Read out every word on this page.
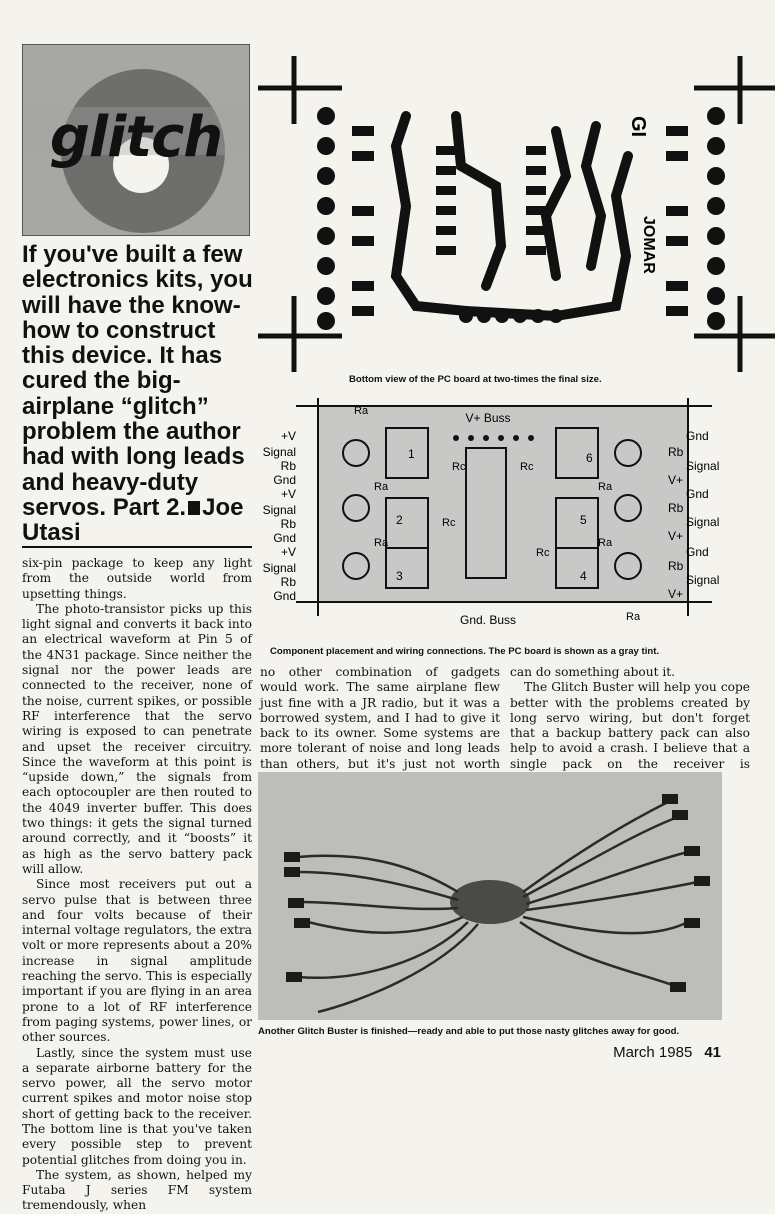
glitch
If you've built a few electronics kits, you will have the know-how to construct this device. It has cured the big-airplane “glitch” problem the author had with long leads and heavy-duty servos. Part 2. Joe Utasi
GI
JOMAR
Bottom view of the PC board at two-times the final size.
V+ Buss
Gnd. Buss
+V
Signal
Rb
Gnd
+V
Signal
Rb
Gnd
+V
Signal
Rb
Gnd
Gnd
Rb
Signal
V+
Gnd
Rb
Signal
V+
Gnd
Rb
Signal
V+
Ra
Ra
Ra
Ra
Ra
Ra
Rc	Rc
Rc
Rc
1
2
3	4
5
6
Component placement and wiring connections. The PC board is shown as a gray tint.

six-pin package to keep any light from the outside world from upsetting things.

The photo-transistor picks up this light signal and converts it back into an electrical waveform at Pin 5 of the 4N31 package. Since neither the signal nor the power leads are connected to the receiver, none of the noise, current spikes, or possible RF interference that the servo wiring is exposed to can penetrate and upset the receiver circuitry. Since the waveform at this point is “upside down,” the signals from each optocoupler are then routed to the 4049 inverter buffer. This does two things: it gets the signal turned around correctly, and it “boosts” it as high as the servo battery pack will allow.

Since most receivers put out a servo pulse that is between three and four volts because of their internal voltage regulators, the extra volt or more represents about a 20% increase in signal amplitude reaching the servo. This is especially important if you are flying in an area prone to a lot of RF interference from paging systems, power lines, or other sources.

Lastly, since the system must use a separate airborne battery for the servo power, all the servo motor current spikes and motor noise stop short of getting back to the receiver. The bottom line is that you've taken every possible step to prevent potential glitches from doing you in.

The system, as shown, helped my Futaba J series FM system tremendously, when

no other combination of gadgets would work. The same airplane flew just fine with a JR radio, but it was a borrowed system, and I had to give it back to its owner. Some systems are more tolerant of noise and long leads than others, but it's just not worth

can do something about it.

The Glitch Buster will help you cope better with the problems created by long servo wiring, but don't forget that a backup battery pack can also help to avoid a crash. I believe that a single pack on the receiver is

Another Glitch Buster is finished—ready and able to put those nasty glitches away for good.
March 1985 41
